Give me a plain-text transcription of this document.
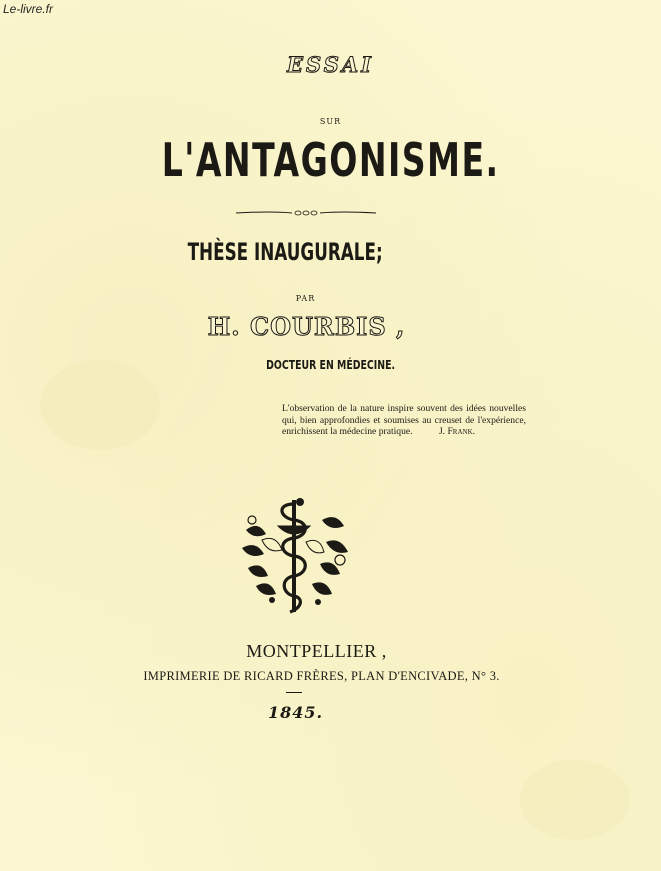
Le-livre.fr
ESSAI
SUR
L'ANTAGONISME.
THÈSE INAUGURALE;
PAR
H. COURBIS ,
DOCTEUR EN MÉDECINE.
L'observation de la nature inspire souvent des idées nouvelles qui, bien approfondies et soumises au creuset de l'expérience, enrichissent la médecine pratique.	J. Frank.
MONTPELLIER ,
IMPRIMERIE DE RICARD FRÈRES, PLAN D'ENCIVADE, N° 3.
1845.
